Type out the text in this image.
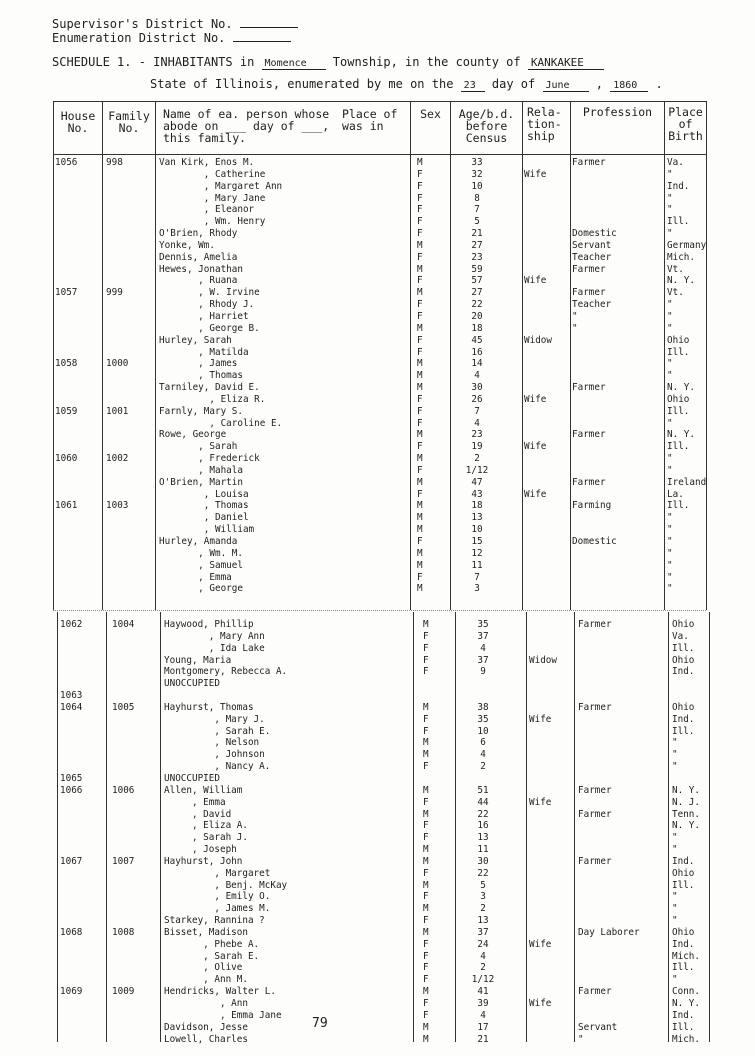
Supervisor's District No.
Enumeration District No.
SCHEDULE 1. - INHABITANTS in Momence Township, in the county of KANKAKEE
State of Illinois, enumerated by me on the 23 day of June , 1860 .
House
No.
Family
No.
Name of ea. person whose
abode on ___ day of ___,
this family.
Place of
was in
Sex	Age/b.d.
before
Census
Rela-
tion-
ship
Profession	Place
of
Birth
1056
1057
1058
1059
1060
1061
998
999
1000
1001
1002
1003
Van Kirk, Enos M.
, Catherine
, Margaret Ann
, Mary Jane
, Eleanor
, Wm. Henry
O'Brien, Rhody
Yonke, Wm.
Dennis, Amelia
Hewes, Jonathan
, Ruana
, W. Irvine
, Rhody J.
, Harriet
, George B.
Hurley, Sarah
, Matilda
, James
, Thomas
Tarniley, David E.
, Eliza R.
Farnly, Mary S.
, Caroline E.
Rowe, George
, Sarah
, Frederick
, Mahala
O'Brien, Martin
, Louisa
, Thomas
, Daniel
, William
Hurley, Amanda
, Wm. M.
, Samuel
, Emma
, George
M
F
F
F
F
F
F
M
F
M
F
M
F
F
M
F
F
M
M
M
F
F
F
M
F
M
F
M
F
M
M
M
F
M
M
F
M
33
32
10
8
7
5
21
27
23
59
57
27
22
20
18
45
16
14
4
30
26
7
4
23
19
2
1/12
47
43
18
13
10
15
12
11
7
3
Wife
Wife
Widow
Wife
Wife
Wife
Farmer
Domestic
Servant
Teacher
Farmer
Farmer
Teacher
"
"
Farmer
Farmer
Farmer
Farming
Domestic
Va.
"
Ind.
"
"
Ill.
"
Germany
Mich.
Vt.
N. Y.
Vt.
"
"
"
Ohio
Ill.
"
"
N. Y.
Ohio
Ill.
"
N. Y.
Ill.
"
"
Ireland
La.
Ill.
"
"
"
"
"
"
"
1062
1063
1064
1065
1066
1067
1068
1069
1004
1005
1006
1007
1008
1009
Haywood, Phillip
, Mary Ann
, Ida Lake
Young, Maria
Montgomery, Rebecca A.
UNOCCUPIED
Hayhurst, Thomas
, Mary J.
, Sarah E.
, Nelson
, Johnson
, Nancy A.
UNOCCUPIED
Allen, William
, Emma
, David
, Eliza A.
, Sarah J.
, Joseph
Hayhurst, John
, Margaret
, Benj. McKay
, Emily O.
, James M.
Starkey, Rannina ?
Bisset, Madison
, Phebe A.
, Sarah E.
, Olive
, Ann M.
Hendricks, Walter L.
, Ann
, Emma Jane
Davidson, Jesse
Lowell, Charles
M
F
F
F
F
M
F
F
M
M
F
M
F
M
F
F
M
M
F
M
F
M
F
M
F
F
F
F
M
F
F
M
M
35
37
4
37
9
38
35
10
6
4
2
51
44
22
16
13
11
30
22
5
3
2
13
37
24
4
2
1/12
41
39
4
17
21
Widow
Wife
Wife
Wife
Wife
Farmer
Farmer
Farmer
Farmer
Farmer
Day Laborer
Farmer
Servant
"
Ohio
Va.
Ill.
Ohio
Ind.
Ohio
Ind.
Ill.
"
"
"
N. Y.
N. J.
Tenn.
N. Y.
"
"
Ind.
Ohio
Ill.
"
"
"
Ohio
Ind.
Mich.
Ill.
"
Conn.
N. Y.
Ind.
Ill.
Mich.
79
